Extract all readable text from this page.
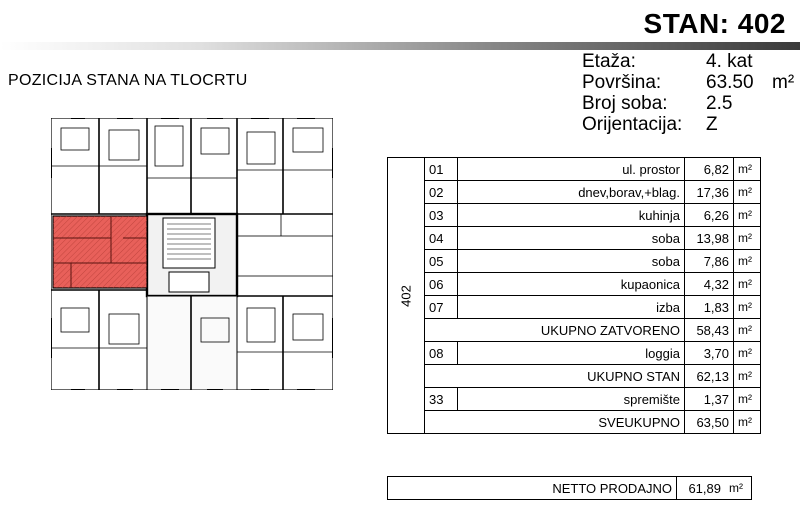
STAN: 402
POZICIJA STANA NA TLOCRTU
Etaža:	4. kat
Površina: 63.50 m²
Broj soba: 2.5
Orijentacija: Z
402	01	ul. prostor	6,82	m²
	02	dnev,borav,+blag.	17,36	m²
	03	kuhinja	6,26	m²
	04	soba	13,98	m²
	05	soba	7,86	m²
	06	kupaonica	4,32	m²
	07	izba	1,83	m²
	UKUPNO ZATVORENO		58,43	m²
	08	loggia	3,70	m²
	UKUPNO STAN		62,13	m²
	33	spremište	1,37	m²
	SVEUKUPNO		63,50	m²
NETTO PRODAJNO	61,89	m²
